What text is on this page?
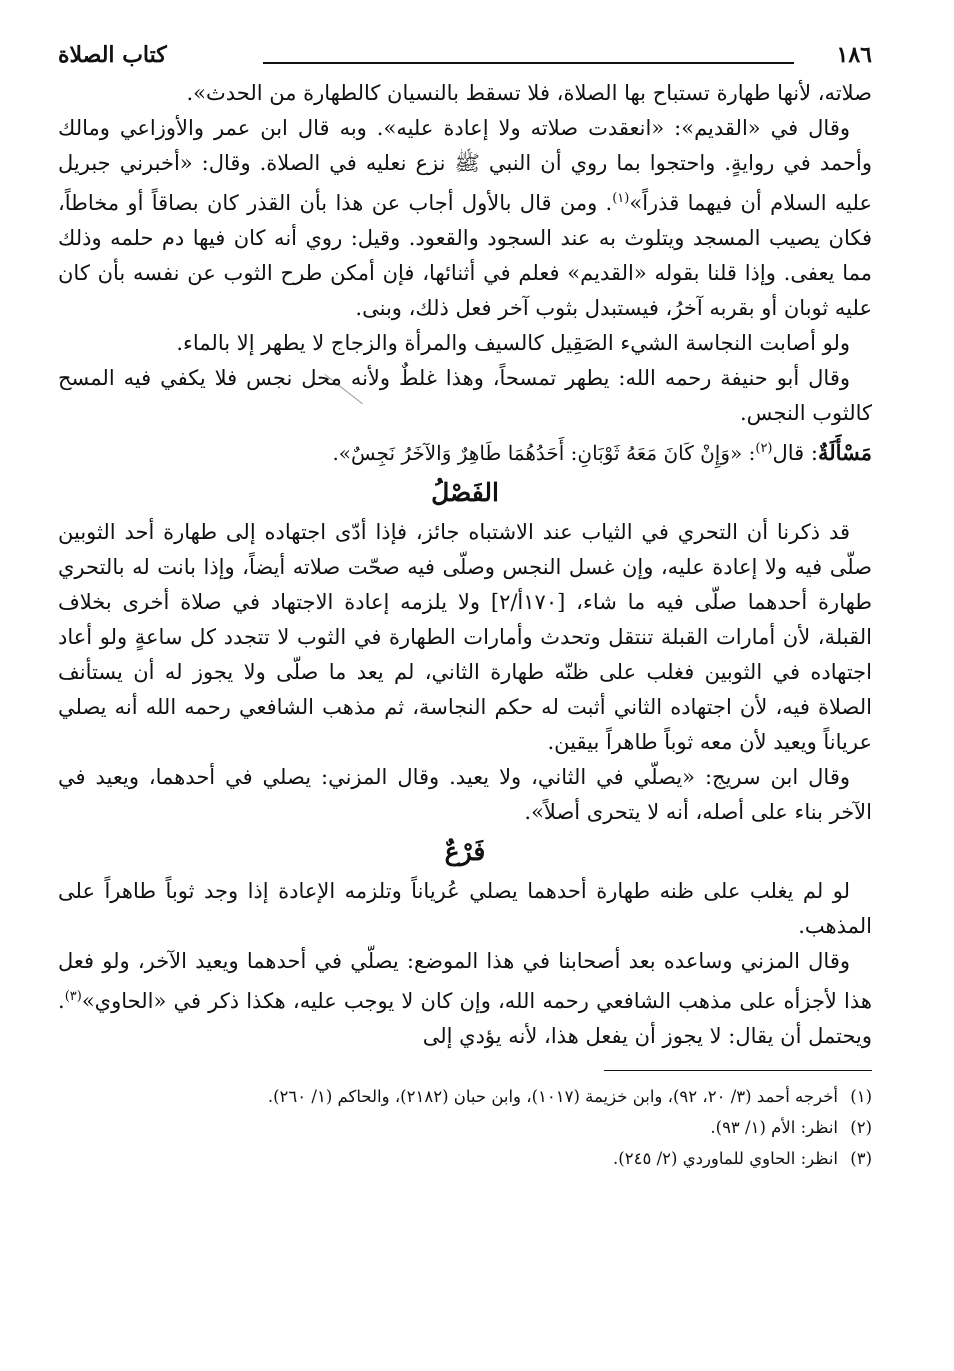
١٨٦
كتاب الصلاة

صلاته، لأنها طهارة تستباح بها الصلاة، فلا تسقط بالنسيان كالطهارة من الحدث».

وقال في «القديم»: «انعقدت صلاته ولا إعادة عليه». وبه قال ابن عمر والأوزاعي ومالك وأحمد في روايةٍ. واحتجوا بما روي أن النبي ﷺ نزع نعليه في الصلاة. وقال: «أخبرني جبريل عليه السلام أن فيهما قذراً»$^{(١)}$. ومن قال بالأول أجاب عن هذا بأن القذر كان بصاقاً أو مخاطاً، فكان يصيب المسجد ويتلوث به عند السجود والقعود. وقيل: روي أنه كان فيها دم حلمه وذلك مما يعفى. وإذا قلنا بقوله «القديم» فعلم في أثنائها، فإن أمكن طرح الثوب عن نفسه بأن كان عليه ثوبان أو بقربه آخرُ، فيستبدل بثوب آخر فعل ذلك، وبنى.

ولو أصابت النجاسة الشيء الصَقِيل كالسيف والمرأة والزجاج لا يطهر إلا بالماء.

وقال أبو حنيفة رحمه الله: يطهر تمسحاً، وهذا غلطٌ ولأنه محل نجس فلا يكفي فيه المسح كالثوب النجس.

مَسْأَلَةٌ: قال$^{(٢)}$: «وَإِنْ كَانَ مَعَهُ ثَوْبَانِ: أَحَدُهُمَا طَاهِرٌ وَالآخَرُ نَجِسٌ».

الفَصْلُ

قد ذكرنا أن التحري في الثياب عند الاشتباه جائز، فإذا أدّى اجتهاده إلى طهارة أحد الثوبين صلّى فيه ولا إعادة عليه، وإن غسل النجس وصلّى فيه صحّت صلاته أيضاً، وإذا بانت له بالتحري طهارة أحدهما صلّى فيه ما شاء، [١٧٠أ/٢] ولا يلزمه إعادة الاجتهاد في صلاة أخرى بخلاف القبلة، لأن أمارات القبلة تنتقل وتحدث وأمارات الطهارة في الثوب لا تتجدد كل ساعةٍ ولو أعاد اجتهاده في الثوبين فغلب على ظنّه طهارة الثاني، لم يعد ما صلّى ولا يجوز له أن يستأنف الصلاة فيه، لأن اجتهاده الثاني أثبت له حكم النجاسة، ثم مذهب الشافعي رحمه الله أنه يصلي عرياناً ويعيد لأن معه ثوباً طاهراً بيقين.

وقال ابن سريج: «يصلّي في الثاني، ولا يعيد. وقال المزني: يصلي في أحدهما، ويعيد في الآخر بناء على أصله، أنه لا يتحرى أصلاً».

فَرْعٌ

لو لم يغلب على ظنه طهارة أحدهما يصلي عُرياناً وتلزمه الإعادة إذا وجد ثوباً طاهراً على المذهب.

وقال المزني وساعده بعد أصحابنا في هذا الموضع: يصلّي في أحدهما ويعيد الآخر، ولو فعل هذا لأجزأه على مذهب الشافعي رحمه الله، وإن كان لا يوجب عليه، هكذا ذكر في «الحاوي»$^{(٣)}$. ويحتمل أن يقال: لا يجوز أن يفعل هذا، لأنه يؤدي إلى

(١)أخرجه أحمد (٣/ ٢٠، ٩٢)، وابن خزيمة (١٠١٧)، وابن حبان (٢١٨٢)، والحاكم (١/ ٢٦٠).

(٢)انظر: الأم (١/ ٩٣).

(٣)انظر: الحاوي للماوردي (٢/ ٢٤٥).
